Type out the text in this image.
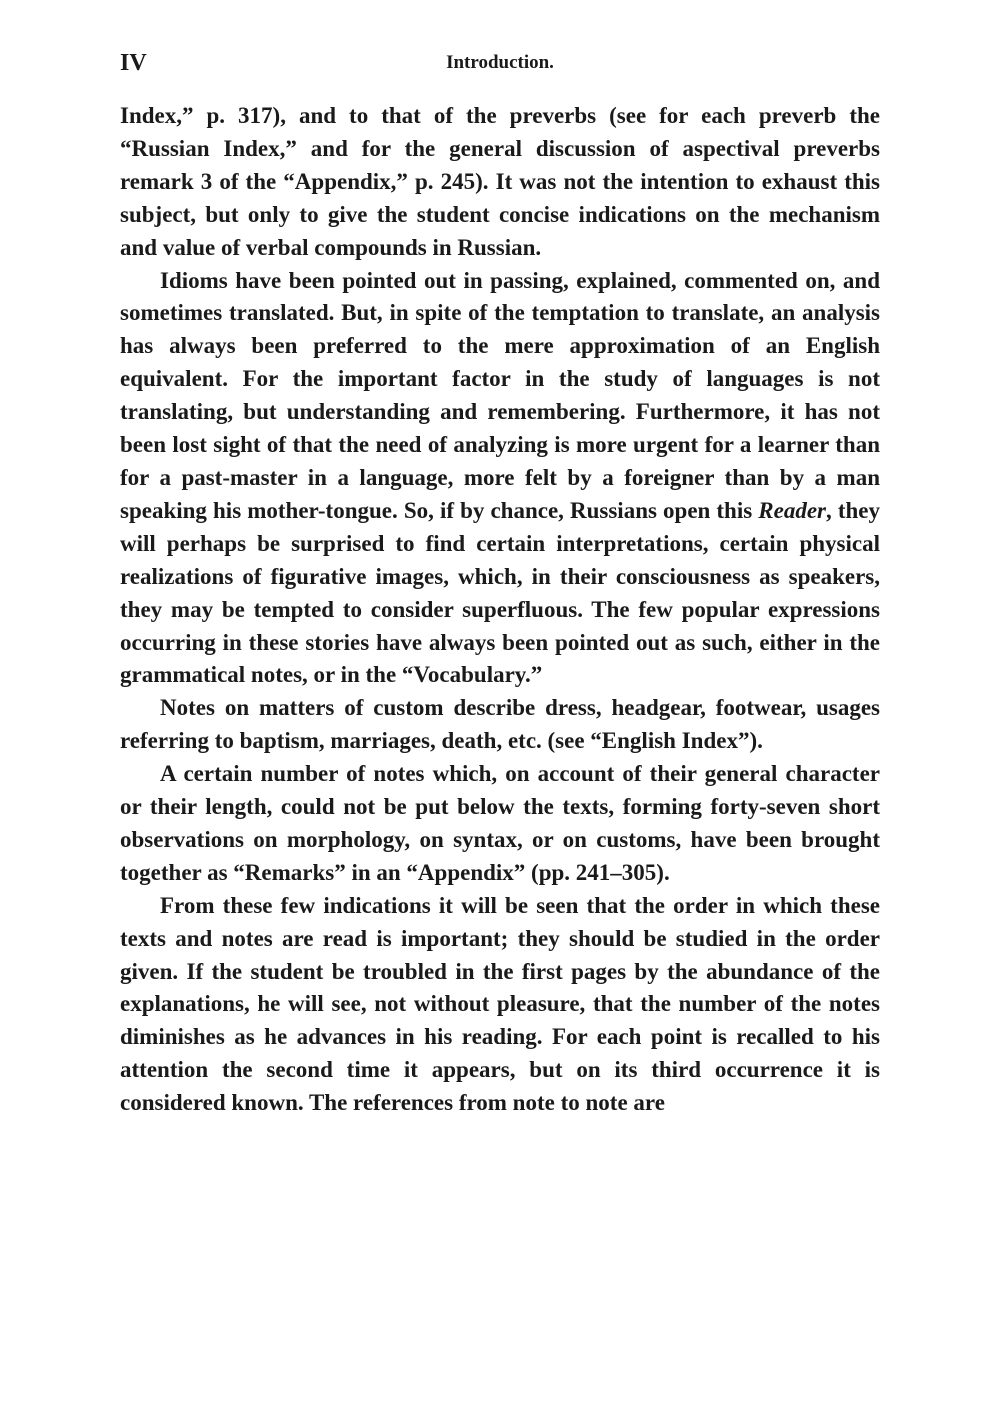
IV	Introduction.

Index,” p. 317), and to that of the preverbs (see for each preverb the “Russian Index,” and for the general discussion of aspectival preverbs remark 3 of the “Appendix,” p. 245). It was not the intention to exhaust this subject, but only to give the student concise indications on the mechanism and value of verbal compounds in Russian.

Idioms have been pointed out in passing, explained, commented on, and sometimes translated. But, in spite of the temptation to translate, an analysis has always been preferred to the mere approximation of an English equivalent. For the important factor in the study of languages is not translating, but understanding and remembering. Furthermore, it has not been lost sight of that the need of analyzing is more urgent for a learner than for a past-master in a language, more felt by a foreigner than by a man speaking his mother-tongue. So, if by chance, Russians open this Reader, they will perhaps be surprised to find certain interpretations, certain physical realizations of figurative images, which, in their consciousness as speakers, they may be tempted to consider superfluous. The few popular expressions occurring in these stories have always been pointed out as such, either in the grammatical notes, or in the “Vocabulary.”

Notes on matters of custom describe dress, headgear, footwear, usages referring to baptism, marriages, death, etc. (see “English Index”).

A certain number of notes which, on account of their general character or their length, could not be put below the texts, forming forty-seven short observations on morphology, on syntax, or on customs, have been brought together as “Remarks” in an “Appendix” (pp. 241–305).

From these few indications it will be seen that the order in which these texts and notes are read is important; they should be studied in the order given. If the student be troubled in the first pages by the abundance of the explanations, he will see, not without pleasure, that the number of the notes diminishes as he advances in his reading. For each point is recalled to his attention the second time it appears, but on its third occurrence it is considered known. The references from note to note are
